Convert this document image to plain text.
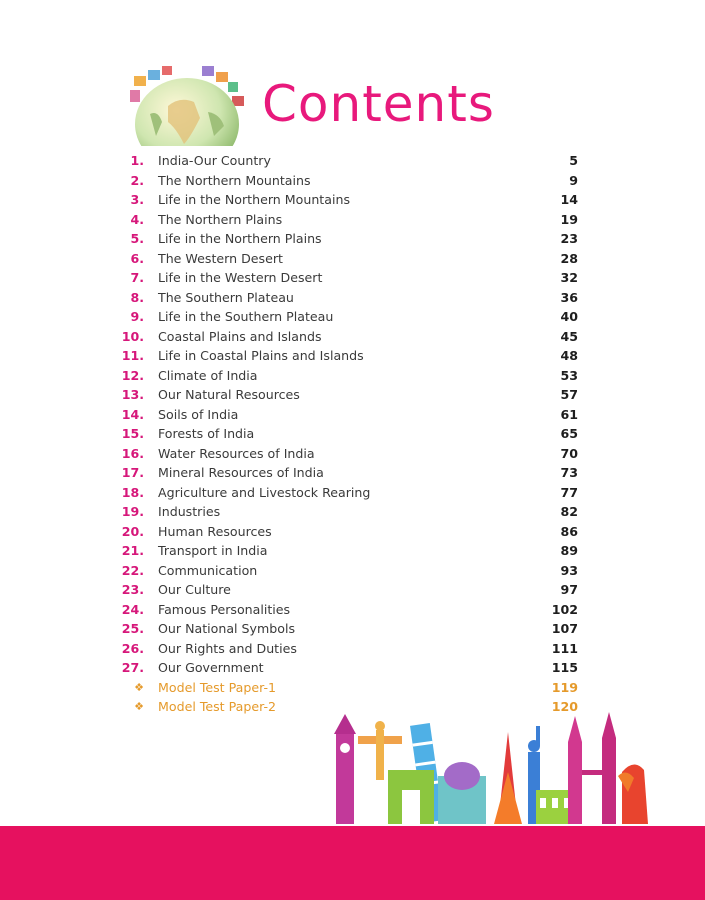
Contents
1. India-Our Country	5
2. The Northern Mountains	9
3. Life in the Northern Mountains	14
4. The Northern Plains	19
5. Life in the Northern Plains	23
6. The Western Desert	28
7. Life in the Western Desert	32
8. The Southern Plateau	36
9. Life in the Southern Plateau	40
10. Coastal Plains and Islands	45
11. Life in Coastal Plains and Islands	48
12. Climate of India	53
13. Our Natural Resources	57
14. Soils of India	61
15. Forests of India	65
16. Water Resources of India	70
17. Mineral Resources of India	73
18. Agriculture and Livestock Rearing	77
19. Industries	82
20. Human Resources	86
21. Transport in India	89
22. Communication	93
23. Our Culture	97
24. Famous Personalities	102
25. Our National Symbols	107
26. Our Rights and Duties	111
27. Our Government	115
❖ Model Test Paper-1	119
❖ Model Test Paper-2	120
